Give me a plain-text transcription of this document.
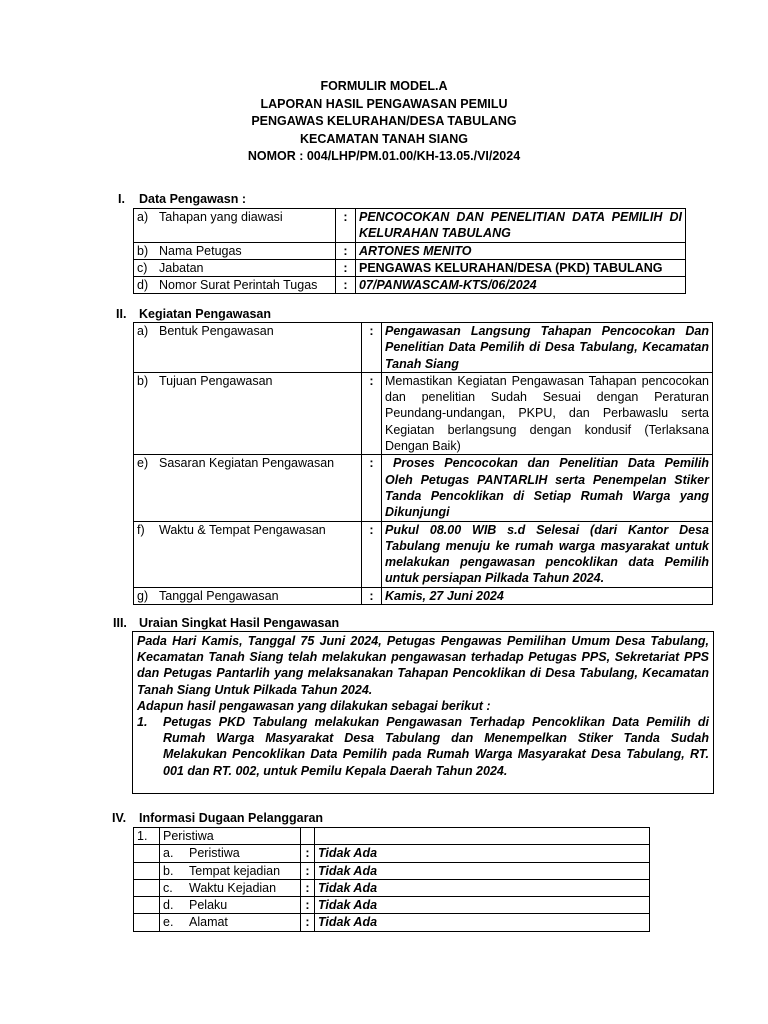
FORMULIR MODEL.A
LAPORAN HASIL PENGAWASAN PEMILU
PENGAWAS KELURAHAN/DESA TABULANG
KECAMATAN TANAH SIANG
NOMOR : 004/LHP/PM.01.00/KH-13.05./VI/2024
I. Data Pengawasn :
a) Tahapan yang diawasi	:	PENCOCOKAN DAN PENELITIAN DATA PEMILIH DI KELURAHAN TABULANG
b) Nama Petugas	:	ARTONES MENITO
c) Jabatan	:	PENGAWAS KELURAHAN/DESA (PKD) TABULANG
d) Nomor Surat Perintah Tugas	:	07/PANWASCAM-KTS/06/2024
II. Kegiatan Pengawasan
a) Bentuk Pengawasan	:	Pengawasan Langsung Tahapan Pencocokan Dan Penelitian Data Pemilih di Desa Tabulang, Kecamatan Tanah Siang
b) Tujuan Pengawasan	:	Memastikan Kegiatan Pengawasan Tahapan pencocokan dan penelitian Sudah Sesuai dengan Peraturan Peundang-undangan, PKPU, dan Perbawaslu serta Kegiatan berlangsung dengan kondusif (Terlaksana Dengan Baik)
e) Sasaran Kegiatan Pengawasan	:	Proses Pencocokan dan Penelitian Data Pemilih Oleh Petugas PANTARLIH serta Penempelan Stiker Tanda Pencoklikan di Setiap Rumah Warga yang Dikunjungi
f) Waktu & Tempat Pengawasan	:	Pukul 08.00 WIB s.d Selesai (dari Kantor Desa Tabulang menuju ke rumah warga masyarakat untuk melakukan pengawasan pencoklikan data Pemilih untuk persiapan Pilkada Tahun 2024.
g) Tanggal Pengawasan	:	Kamis, 27 Juni 2024
III. Uraian Singkat Hasil Pengawasan

Pada Hari Kamis, Tanggal 75 Juni 2024, Petugas Pengawas Pemilihan Umum Desa Tabulang, Kecamatan Tanah Siang telah melakukan pengawasan terhadap Petugas PPS, Sekretariat PPS dan Petugas Pantarlih yang melaksanakan Tahapan Pencoklikan di Desa Tabulang, Kecamatan Tanah Siang Untuk Pilkada Tahun 2024.

Adapun hasil pengawasan yang dilakukan sebagai berikut :

1.	Petugas PKD Tabulang melakukan Pengawasan Terhadap Pencoklikan Data Pemilih di Rumah Warga Masyarakat Desa Tabulang dan Menempelkan Stiker Tanda Sudah Melakukan Pencoklikan Data Pemilih pada Rumah Warga Masyarakat Desa Tabulang, RT. 001 dan RT. 002, untuk Pemilu Kepala Daerah Tahun 2024.

IV. Informasi Dugaan Pelanggaran
1.	Peristiwa		
	a. Peristiwa	:	Tidak Ada
	b. Tempat kejadian	:	Tidak Ada
	c. Waktu Kejadian	:	Tidak Ada
	d. Pelaku	:	Tidak Ada
	e. Alamat	:	Tidak Ada
